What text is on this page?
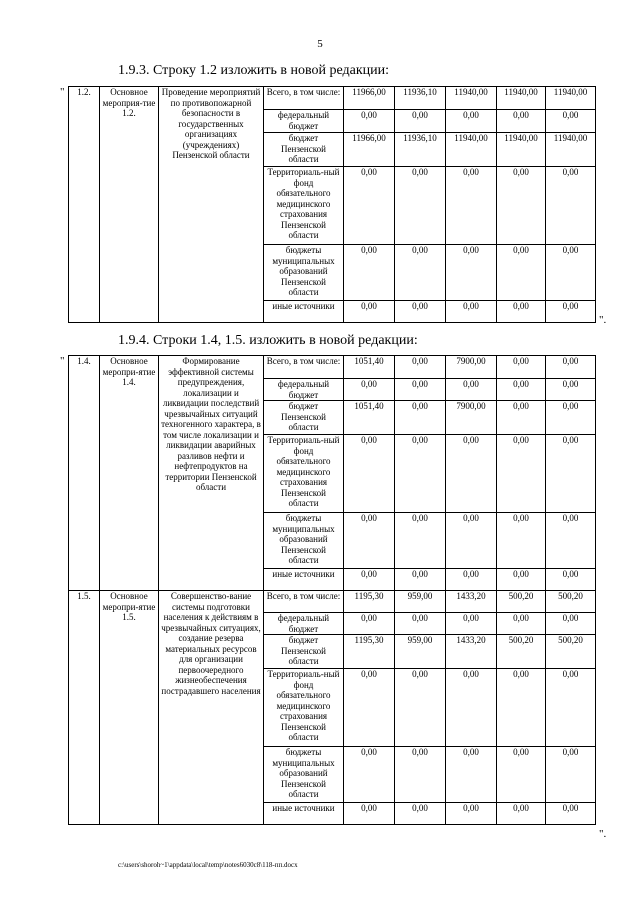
5
1.9.3. Строку 1.2 изложить в новой редакции:
" 1.2.	Основное мероприя-тие 1.2.	Проведение мероприятий по противопожарной безопасности в государственных организациях (учреждениях) Пензенской области	Всего, в том числе:	11966,00	11936,10	11940,00	11940,00	11940,00
			федеральный бюджет	0,00	0,00	0,00	0,00	0,00
			бюджет Пензенской области	11966,00	11936,10	11940,00	11940,00	11940,00
			Территориаль-ный фонд обязательного медицинского страхования Пензенской области	0,00	0,00	0,00	0,00	0,00
			бюджеты муниципальных образований Пензенской области	0,00	0,00	0,00	0,00	0,00
			иные источники	0,00	0,00	0,00	0,00	0,00
".
1.9.4. Строки 1.4, 1.5. изложить в новой редакции:
" 1.4.	Основное меропри-ятие 1.4.	Формирование эффективной системы предупреждения, локализации и ликвидации последствий чрезвычайных ситуаций техногенного характера, в том числе локализации и ликвидации аварийных разливов нефти и нефтепродуктов на территории Пензенской области	Всего, в том числе:	1051,40	0,00	7900,00	0,00	0,00
			федеральный бюджет	0,00	0,00	0,00	0,00	0,00
			бюджет Пензенской области	1051,40	0,00	7900,00	0,00	0,00
			Территориаль-ный фонд обязательного медицинского страхования Пензенской области	0,00	0,00	0,00	0,00	0,00
			бюджеты муниципальных образований Пензенской области	0,00	0,00	0,00	0,00	0,00
			иные источники	0,00	0,00	0,00	0,00	0,00
1.5.	Основное меропри-ятие 1.5.	Совершенство-вание системы подготовки населения к действиям в чрезвычайных ситуациях, создание резерва материальных ресурсов для организации первоочередного жизнеобеспечения пострадавшего населения	Всего, в том числе:	1195,30	959,00	1433,20	500,20	500,20
			федеральный бюджет	0,00	0,00	0,00	0,00	0,00
			бюджет Пензенской области	1195,30	959,00	1433,20	500,20	500,20
			Территориаль-ный фонд обязательного медицинского страхования Пензенской области	0,00	0,00	0,00	0,00	0,00
			бюджеты муниципальных образований Пензенской области	0,00	0,00	0,00	0,00	0,00
			иные источники	0,00	0,00	0,00	0,00	0,00
".
c:\users\shoroh~1\appdata\local\temp\notes6030c8\118-пп.docx
